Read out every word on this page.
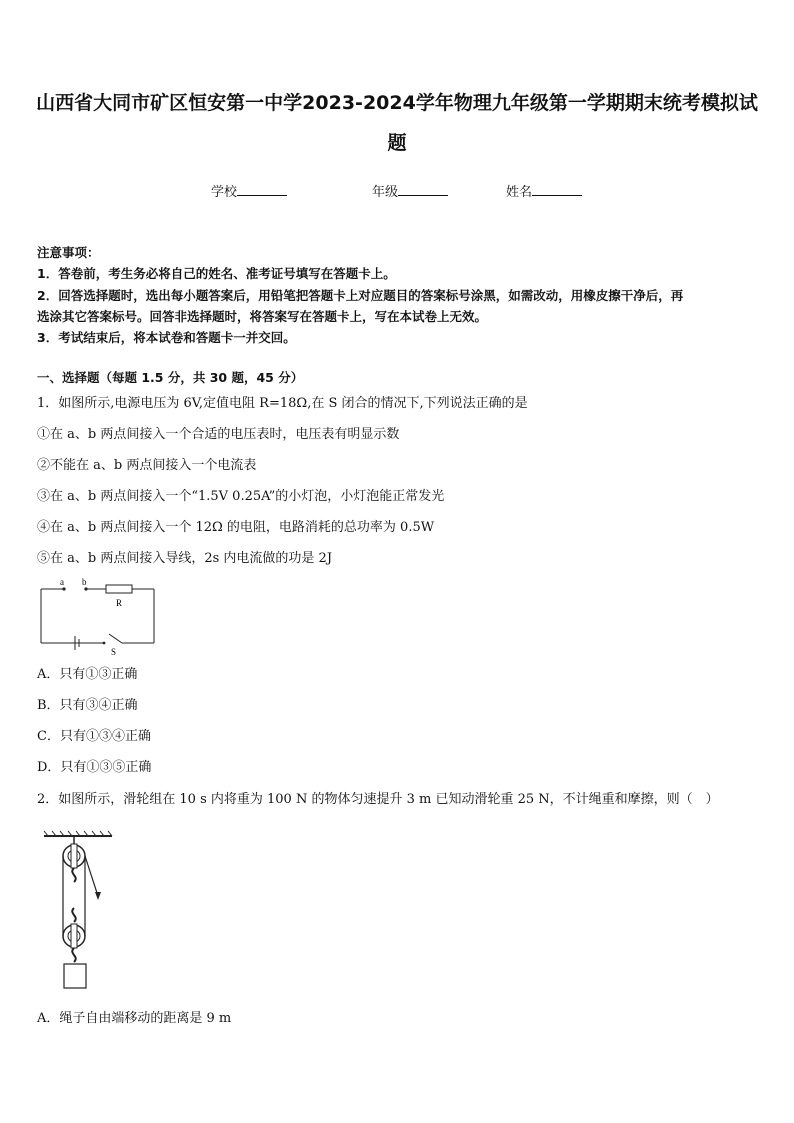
山西省大同市矿区恒安第一中学2023-2024学年物理九年级第一学期期末统考模拟试
题
学校	年级	姓名
注意事项：
1．答卷前，考生务必将自己的姓名、准考证号填写在答题卡上。
2．回答选择题时，选出每小题答案后，用铅笔把答题卡上对应题目的答案标号涂黑，如需改动，用橡皮擦干净后，再
选涂其它答案标号。回答非选择题时，将答案写在答题卡上，写在本试卷上无效。
3．考试结束后，将本试卷和答题卡一并交回。
一、选择题（每题 1.5 分，共 30 题，45 分）
1．如图所示,电源电压为 6V,定值电阻 R=18Ω,在 S 闭合的情况下,下列说法正确的是
①在 a、b 两点间接入一个合适的电压表时，电压表有明显示数
②不能在 a、b 两点间接入一个电流表
③在 a、b 两点间接入一个“1.5V 0.25A”的小灯泡，小灯泡能正常发光
④在 a、b 两点间接入一个 12Ω 的电阻，电路消耗的总功率为 0.5W
⑤在 a、b 两点间接入导线，2s 内电流做的功是 2J
a b
R
S
A．只有①③正确
B．只有③④正确
C．只有①③④正确
D．只有①③⑤正确
2．如图所示，滑轮组在 10 s 内将重为 100 N 的物体匀速提升 3 m 已知动滑轮重 25 N，不计绳重和摩擦，则（　）
A．绳子自由端移动的距离是 9 m
